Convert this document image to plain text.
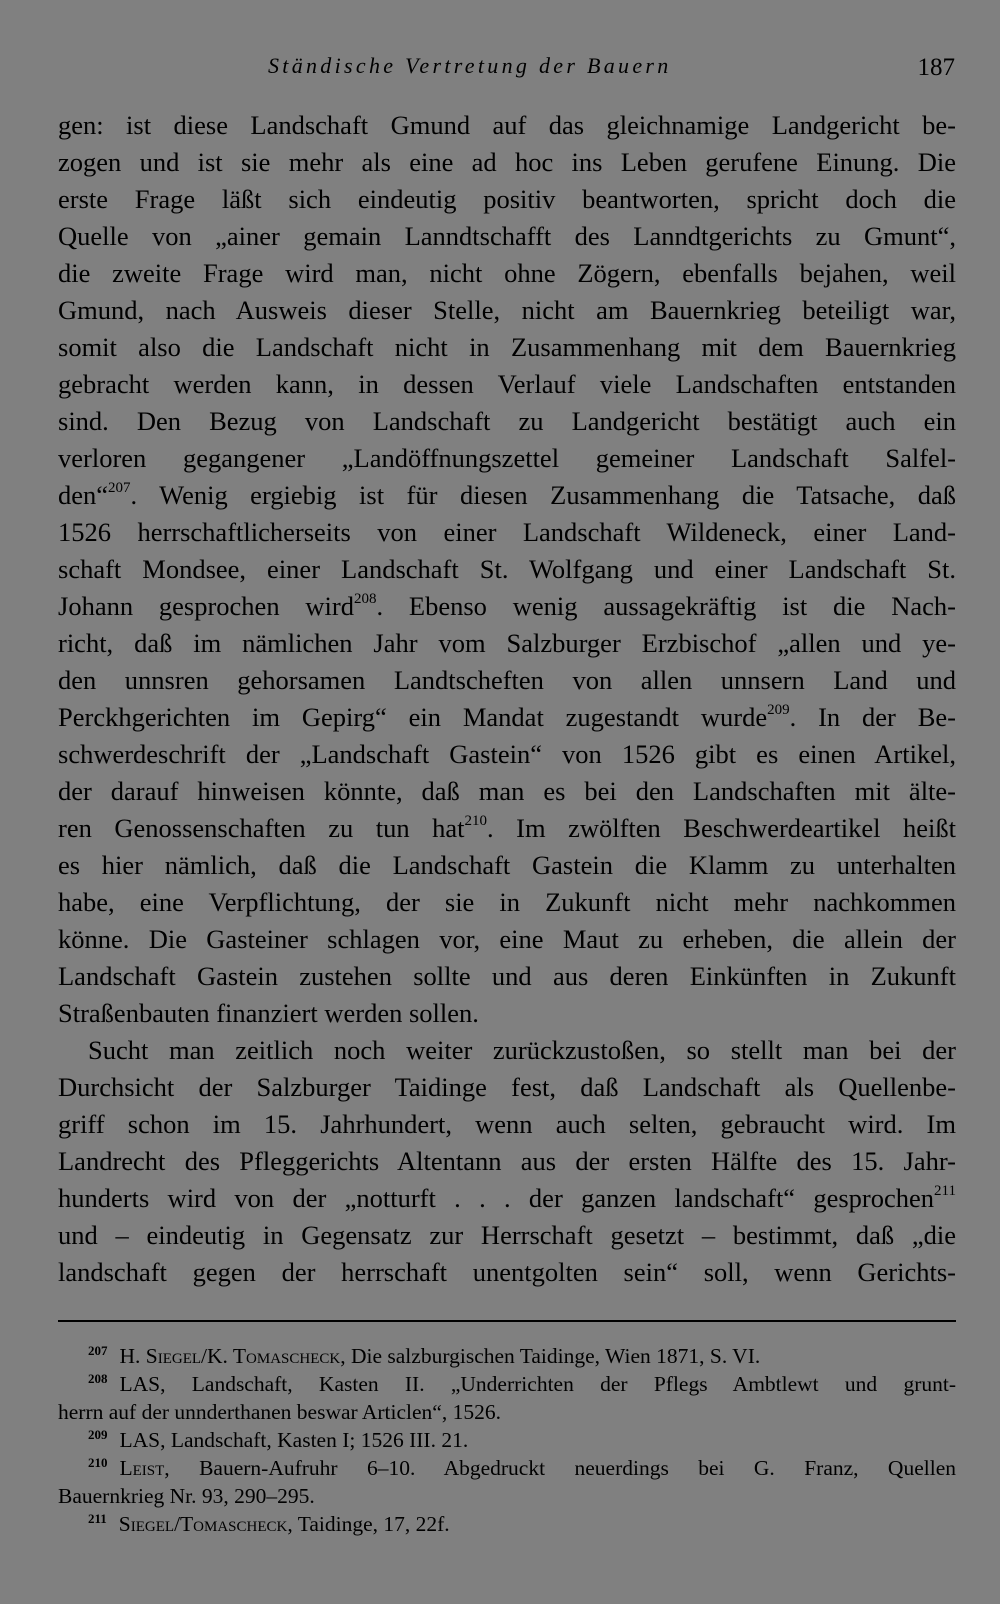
Ständische Vertretung der Bauern	187
gen: ist diese Landschaft Gmund auf das gleichnamige Landgericht be-
zogen und ist sie mehr als eine ad hoc ins Leben gerufene Einung. Die
erste Frage läßt sich eindeutig positiv beantworten, spricht doch die
Quelle von „ainer gemain Lanndtschafft des Lanndtgerichts zu Gmunt“,
die zweite Frage wird man, nicht ohne Zögern, ebenfalls bejahen, weil
Gmund, nach Ausweis dieser Stelle, nicht am Bauernkrieg beteiligt war,
somit also die Landschaft nicht in Zusammenhang mit dem Bauernkrieg
gebracht werden kann, in dessen Verlauf viele Landschaften entstanden
sind. Den Bezug von Landschaft zu Landgericht bestätigt auch ein
verloren gegangener „Landöffnungszettel gemeiner Landschaft Salfel-
den“$^{207}$. Wenig ergiebig ist für diesen Zusammenhang die Tatsache, daß
1526 herrschaftlicherseits von einer Landschaft Wildeneck, einer Land-
schaft Mondsee, einer Landschaft St. Wolfgang und einer Landschaft St.
Johann gesprochen wird$^{208}$. Ebenso wenig aussagekräftig ist die Nach-
richt, daß im nämlichen Jahr vom Salzburger Erzbischof „allen und ye-
den unnsren gehorsamen Landtscheften von allen unnsern Land und
Perckhgerichten im Gepirg“ ein Mandat zugestandt wurde$^{209}$. In der Be-
schwerdeschrift der „Landschaft Gastein“ von 1526 gibt es einen Artikel,
der darauf hinweisen könnte, daß man es bei den Landschaften mit älte-
ren Genossenschaften zu tun hat$^{210}$. Im zwölften Beschwerdeartikel heißt
es hier nämlich, daß die Landschaft Gastein die Klamm zu unterhalten
habe, eine Verpflichtung, der sie in Zukunft nicht mehr nachkommen
könne. Die Gasteiner schlagen vor, eine Maut zu erheben, die allein der
Landschaft Gastein zustehen sollte und aus deren Einkünften in Zukunft
Straßenbauten finanziert werden sollen.
Sucht man zeitlich noch weiter zurückzustoßen, so stellt man bei der
Durchsicht der Salzburger Taidinge fest, daß Landschaft als Quellenbe-
griff schon im 15. Jahrhundert, wenn auch selten, gebraucht wird. Im
Landrecht des Pfleggerichts Altentann aus der ersten Hälfte des 15. Jahr-
hunderts wird von der „notturft . . . der ganzen landschaft“ gesprochen$^{211}$
und – eindeutig in Gegensatz zur Herrschaft gesetzt – bestimmt, daß „die
landschaft gegen der herrschaft unentgolten sein“ soll, wenn Gerichts-
$^{207}$ H. Siegel/K. Tomascheck, Die salzburgischen Taidinge, Wien 1871, S. VI.
$^{208}$ LAS, Landschaft, Kasten II. „Underrichten der Pflegs Ambtlewt und grunt-
herrn auf der unnderthanen beswar Articlen“, 1526.
$^{209}$ LAS, Landschaft, Kasten I; 1526 III. 21.
$^{210}$ Leist, Bauern-Aufruhr 6–10. Abgedruckt neuerdings bei G. Franz, Quellen
Bauernkrieg Nr. 93, 290–295.
$^{211}$ Siegel/Tomascheck, Taidinge, 17, 22f.
